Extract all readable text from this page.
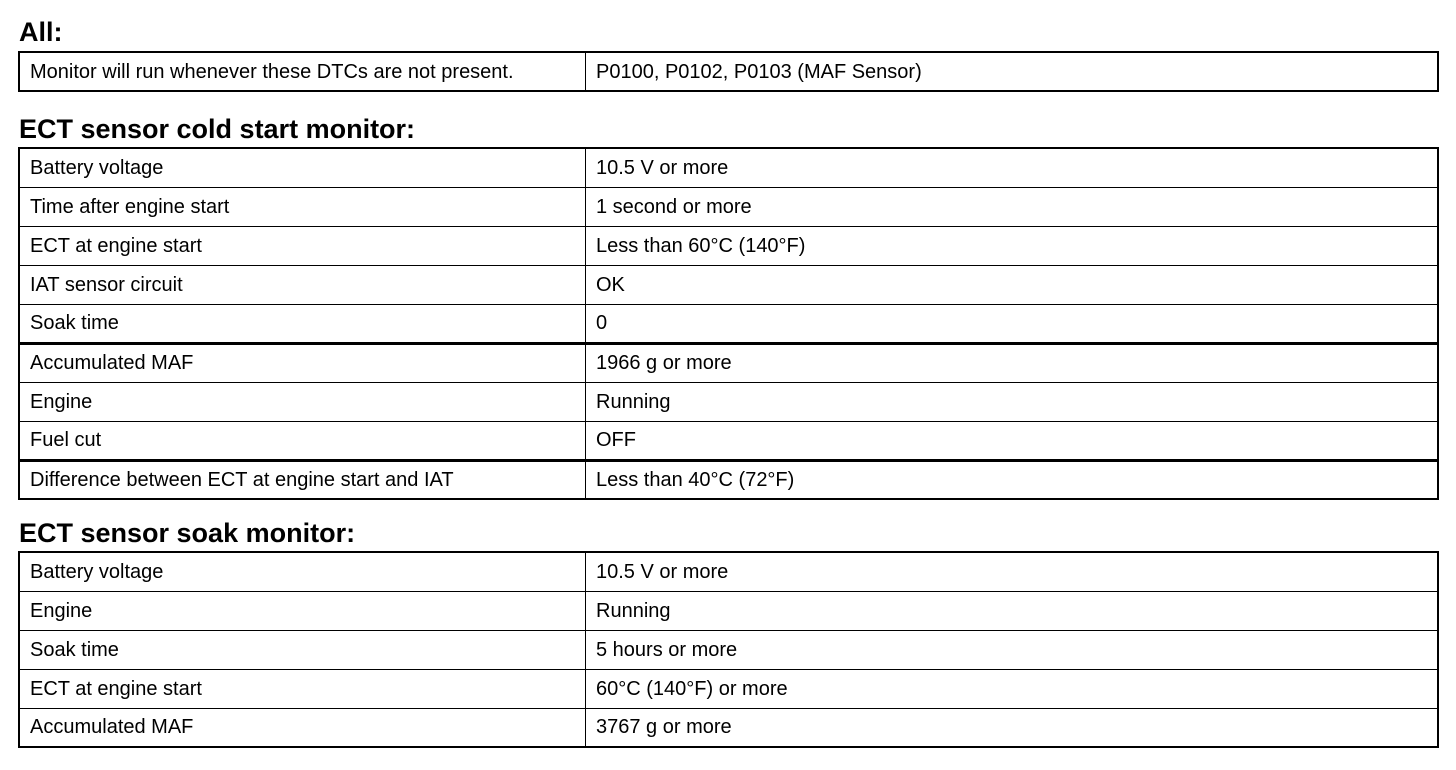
All:
Monitor will run whenever these DTCs are not present.	P0100, P0102, P0103 (MAF Sensor)
ECT sensor cold start monitor:
Battery voltage	10.5 V or more
Time after engine start	1 second or more
ECT at engine start	Less than 60°C (140°F)
IAT sensor circuit	OK
Soak time	0
Accumulated MAF	1966 g or more
Engine	Running
Fuel cut	OFF
Difference between ECT at engine start and IAT	Less than 40°C (72°F)
ECT sensor soak monitor:
Battery voltage	10.5 V or more
Engine	Running
Soak time	5 hours or more
ECT at engine start	60°C (140°F) or more
Accumulated MAF	3767 g or more
